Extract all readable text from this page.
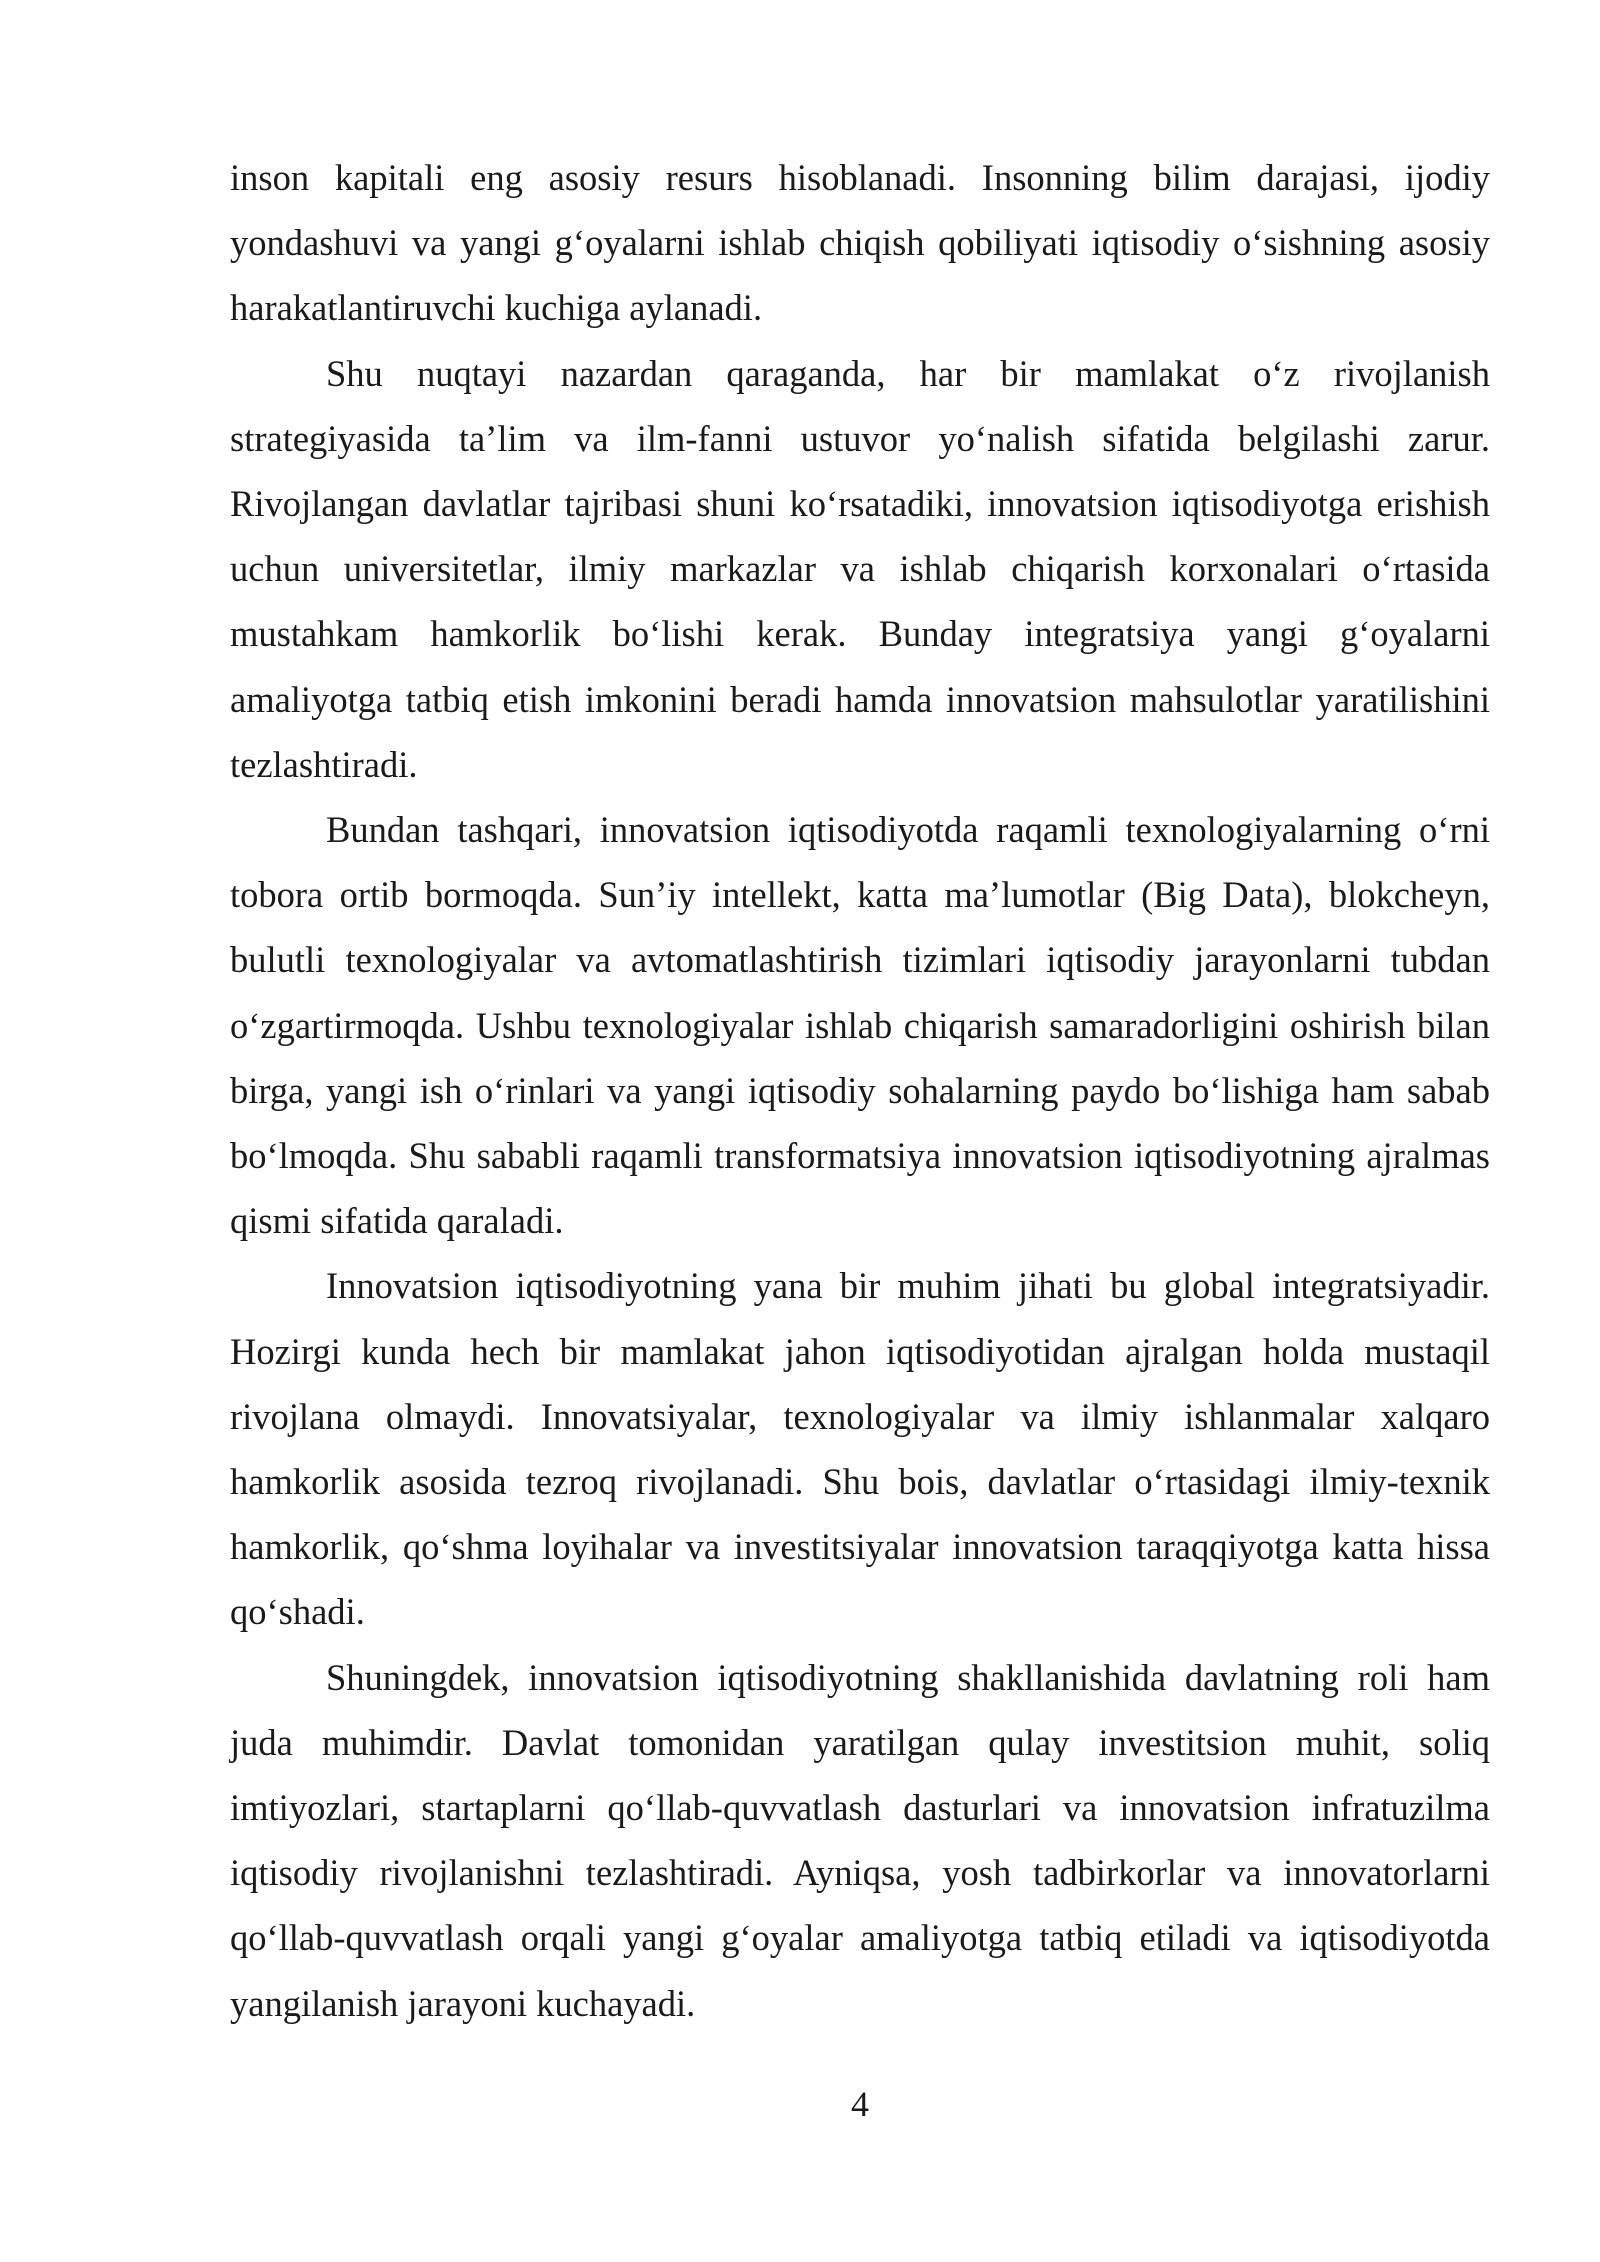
inson kapitali eng asosiy resurs hisoblanadi. Insonning bilim darajasi, ijodiy yondashuvi va yangi g‘oyalarni ishlab chiqish qobiliyati iqtisodiy o‘sishning asosiy harakatlantiruvchi kuchiga aylanadi.

Shu nuqtayi nazardan qaraganda, har bir mamlakat o‘z rivojlanish strategiyasida ta’lim va ilm-fanni ustuvor yo‘nalish sifatida belgilashi zarur. Rivojlangan davlatlar tajribasi shuni ko‘rsatadiki, innovatsion iqtisodiyotga erishish uchun universitetlar, ilmiy markazlar va ishlab chiqarish korxonalari o‘rtasida mustahkam hamkorlik bo‘lishi kerak. Bunday integratsiya yangi g‘oyalarni amaliyotga tatbiq etish imkonini beradi hamda innovatsion mahsulotlar yaratilishini tezlashtiradi.

Bundan tashqari, innovatsion iqtisodiyotda raqamli texnologiyalarning o‘rni tobora ortib bormoqda. Sun’iy intellekt, katta ma’lumotlar (Big Data), blokcheyn, bulutli texnologiyalar va avtomatlashtirish tizimlari iqtisodiy jarayonlarni tubdan o‘zgartirmoqda. Ushbu texnologiyalar ishlab chiqarish samaradorligini oshirish bilan birga, yangi ish o‘rinlari va yangi iqtisodiy sohalarning paydo bo‘lishiga ham sabab bo‘lmoqda. Shu sababli raqamli transformatsiya innovatsion iqtisodiyotning ajralmas qismi sifatida qaraladi.

Innovatsion iqtisodiyotning yana bir muhim jihati bu global integratsiyadir. Hozirgi kunda hech bir mamlakat jahon iqtisodiyotidan ajralgan holda mustaqil rivojlana olmaydi. Innovatsiyalar, texnologiyalar va ilmiy ishlanmalar xalqaro hamkorlik asosida tezroq rivojlanadi. Shu bois, davlatlar o‘rtasidagi ilmiy-texnik hamkorlik, qo‘shma loyihalar va investitsiyalar innovatsion taraqqiyotga katta hissa qo‘shadi.

Shuningdek, innovatsion iqtisodiyotning shakllanishida davlatning roli ham juda muhimdir. Davlat tomonidan yaratilgan qulay investitsion muhit, soliq imtiyozlari, startaplarni qo‘llab-quvvatlash dasturlari va innovatsion infratuzilma iqtisodiy rivojlanishni tezlashtiradi. Ayniqsa, yosh tadbirkorlar va innovatorlarni qo‘llab-quvvatlash orqali yangi g‘oyalar amaliyotga tatbiq etiladi va iqtisodiyotda yangilanish jarayoni kuchayadi.

4
